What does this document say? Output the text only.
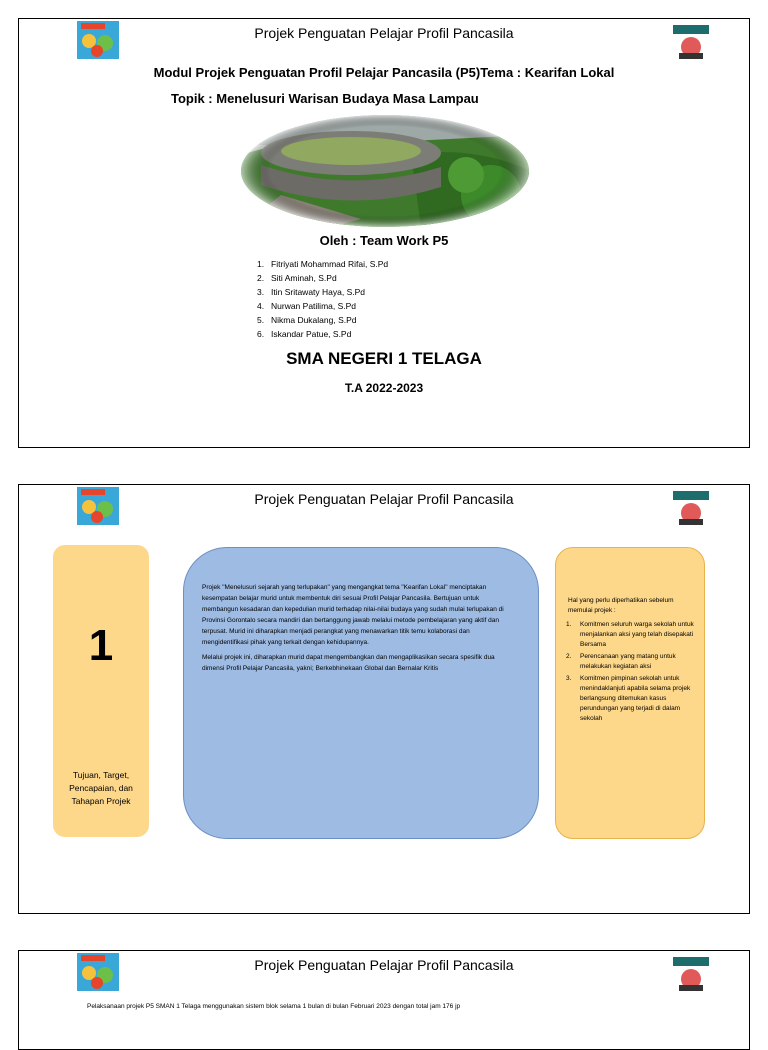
Projek Penguatan Pelajar Profil Pancasila
Modul Projek Penguatan Profil Pelajar Pancasila (P5)Tema : Kearifan Lokal
Topik : Menelusuri Warisan Budaya Masa Lampau
Oleh : Team Work P5
1. Fitriyati Mohammad Rifai, S.Pd
2. Siti Aminah, S.Pd
3. Itin Sritawaty Haya, S.Pd
4. Nurwan Patilima, S.Pd
5. Nikma Dukalang, S.Pd
6. Iskandar Patue, S.Pd
SMA NEGERI 1 TELAGA
T.A 2022-2023
Projek Penguatan Pelajar Profil Pancasila
1
Tujuan, Target, Pencapaian, dan Tahapan Projek

Projek "Menelusuri sejarah yang terlupakan" yang mengangkat tema "Kearifan Lokal" menciptakan kesempatan belajar murid untuk membentuk diri sesuai Profil Pelajar Pancasila. Bertujuan untuk membangun kesadaran dan kepedulian murid terhadap nilai-nilai budaya yang sudah mulai terlupakan di Provinsi Gorontalo secara mandiri dan bertanggung jawab melalui metode pembelajaran yang aktif dan terpusat. Murid ini diharapkan menjadi perangkat yang menawarkan titik temu kolaborasi dan mengidentifikasi pihak yang terkait dengan kehidupannya.

Melalui projek ini, diharapkan murid dapat mengembangkan dan mengaplikasikan secara spesifik dua dimensi Profil Pelajar Pancasila, yakni; Berkebhinekaan Global dan Bernalar Kritis

Hal yang perlu diperhatikan sebelum memulai projek :
1. Komitmen seluruh warga sekolah untuk menjalankan aksi yang telah disepakati Bersama
2. Perencanaan yang matang untuk melakukan kegiatan aksi
3. Komitmen pimpinan sekolah untuk menindaklanjuti apabila selama projek berlangsung ditemukan kasus perundungan yang terjadi di dalam sekolah
Projek Penguatan Pelajar Profil Pancasila
Pelaksanaan projek P5 SMAN 1 Telaga menggunakan sistem blok selama 1 bulan di bulan Februari 2023 dengan total jam 176 jp
